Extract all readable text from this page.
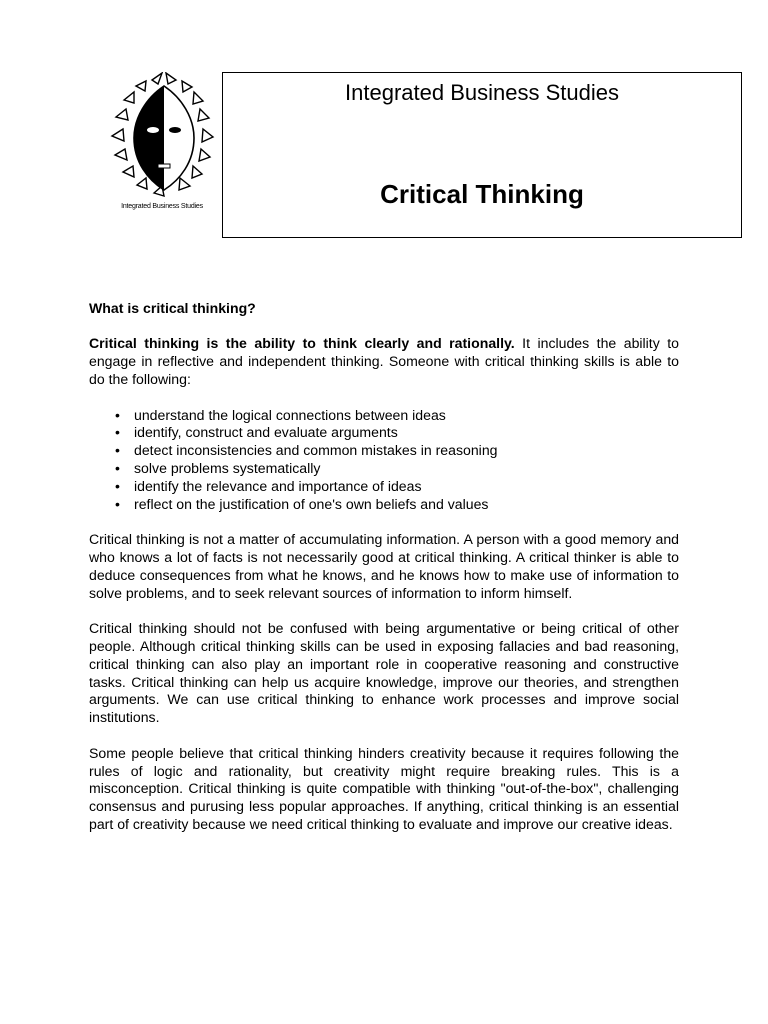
Integrated Business Studies
Integrated Business Studies
Critical Thinking
What is critical thinking?

Critical thinking is the ability to think clearly and rationally. It includes the ability to engage in reflective and independent thinking. Someone with critical thinking skills is able to do the following:

• understand the logical connections between ideas
• identify, construct and evaluate arguments
• detect inconsistencies and common mistakes in reasoning
• solve problems systematically
• identify the relevance and importance of ideas
• reflect on the justification of one's own beliefs and values

Critical thinking is not a matter of accumulating information. A person with a good memory and who knows a lot of facts is not necessarily good at critical thinking. A critical thinker is able to deduce consequences from what he knows, and he knows how to make use of information to solve problems, and to seek relevant sources of information to inform himself.

Critical thinking should not be confused with being argumentative or being critical of other people. Although critical thinking skills can be used in exposing fallacies and bad reasoning, critical thinking can also play an important role in cooperative reasoning and constructive tasks. Critical thinking can help us acquire knowledge, improve our theories, and strengthen arguments. We can use critical thinking to enhance work processes and improve social institutions.

Some people believe that critical thinking hinders creativity because it requires following the rules of logic and rationality, but creativity might require breaking rules. This is a misconception. Critical thinking is quite compatible with thinking "out-of-the-box", challenging consensus and purusing less popular approaches. If anything, critical thinking is an essential part of creativity because we need critical thinking to evaluate and improve our creative ideas.
